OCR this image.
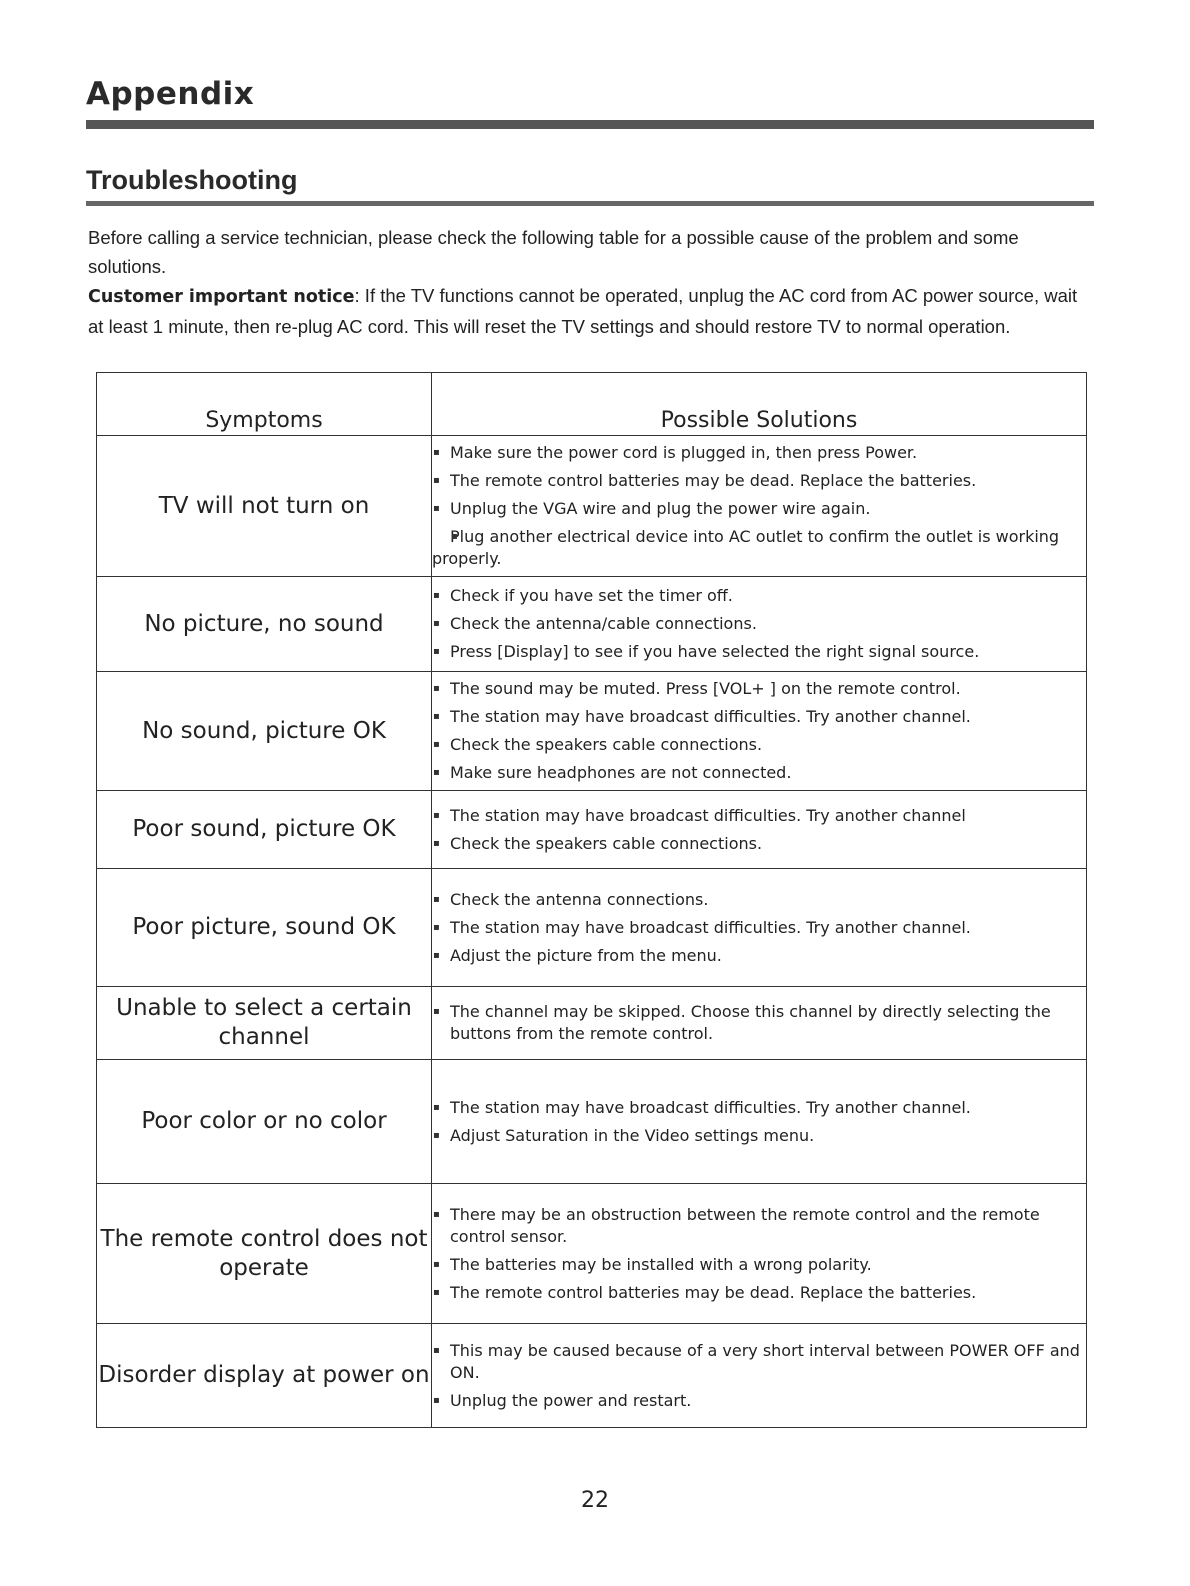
Appendix
Troubleshooting

Before calling a service technician, please check the following table for a possible cause of the problem and some solutions.

Customer important notice: If the TV functions cannot be operated, unplug the AC cord from AC power source, wait at least 1 minute, then re-plug AC cord. This will reset the TV settings and should restore TV to normal operation.

Symptoms	Possible Solutions
TV will not turn on	▪ Make sure the power cord is plugged in, then press Power.
▪ The remote control batteries may be dead. Replace the batteries.
▪ Unplug the VGA wire and plug the power wire again.
▪ Plug another electrical device into AC outlet to confirm the outlet is working properly.

No picture, no sound	▪ Check if you have set the timer off.
▪ Check the antenna/cable connections.
▪ Press [Display] to see if you have selected the right signal source.

No sound, picture OK	▪ The sound may be muted. Press [VOL+ ] on the remote control.
▪ The station may have broadcast difficulties. Try another channel.
▪ Check the speakers cable connections.
▪ Make sure headphones are not connected.

Poor sound, picture OK	▪ The station may have broadcast difficulties. Try another channel
▪ Check the speakers cable connections.

Poor picture, sound OK	▪ Check the antenna connections.
▪ The station may have broadcast difficulties. Try another channel.
▪ Adjust the picture from the menu.

Unable to select a certain channel	▪ The channel may be skipped. Choose this channel by directly selecting the buttons from the remote control.

Poor color or no color	▪ The station may have broadcast difficulties. Try another channel.
▪ Adjust Saturation in the Video settings menu.

The remote control does not operate	▪ There may be an obstruction between the remote control and the remote control sensor.
▪ The batteries may be installed with a wrong polarity.
▪ The remote control batteries may be dead. Replace the batteries.

Disorder display at power on	▪ This may be caused because of a very short interval between POWER OFF and ON.
▪ Unplug the power and restart.
22
